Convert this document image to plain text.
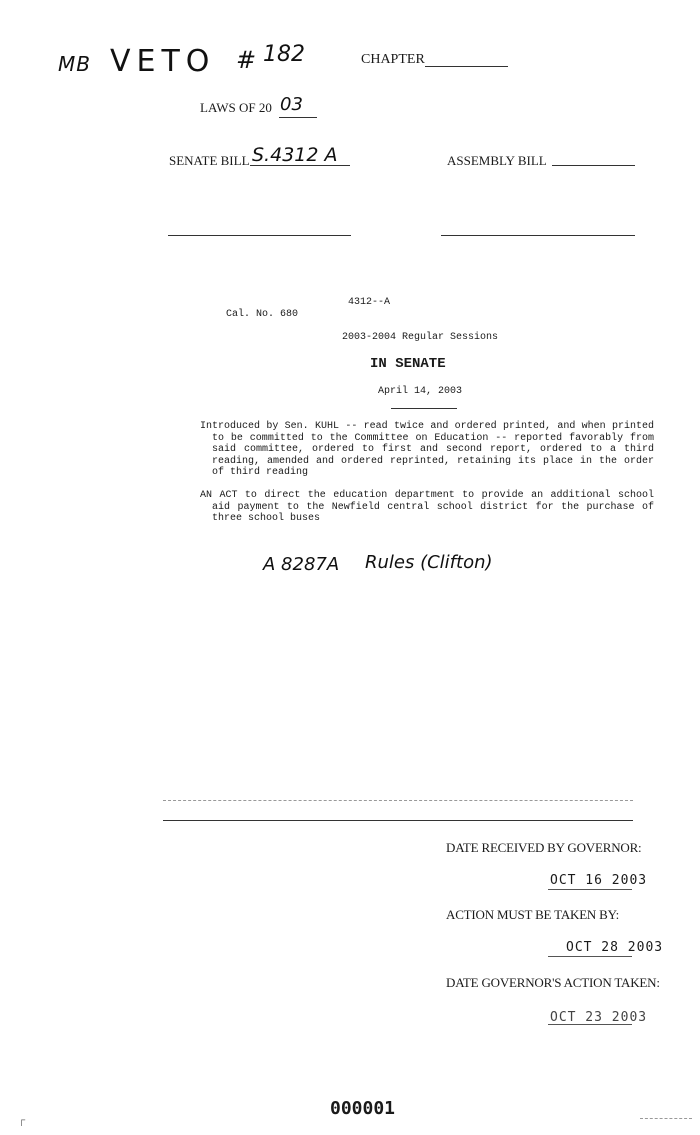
MB VETO # 182	CHAPTER
LAWS OF 20 03
SENATE BILL S.4312 A	ASSEMBLY BILL
4312--A
Cal. No. 680
2003-2004 Regular Sessions
IN SENATE
April 14, 2003
Introduced by Sen. KUHL -- read twice and ordered printed, and when printed to be committed to the Committee on Education -- reported favorably from said committee, ordered to first and second report, ordered to a third reading, amended and ordered reprinted, retaining its place in the order of third reading
AN ACT to direct the education department to provide an additional school aid payment to the Newfield central school district for the purchase of three school buses
A 8287A Rules (Clifton)
DATE RECEIVED BY GOVERNOR:
OCT 16 2003
ACTION MUST BE TAKEN BY:
OCT 28 2003
DATE GOVERNOR'S ACTION TAKEN:
OCT 23 2003
000001
┌
